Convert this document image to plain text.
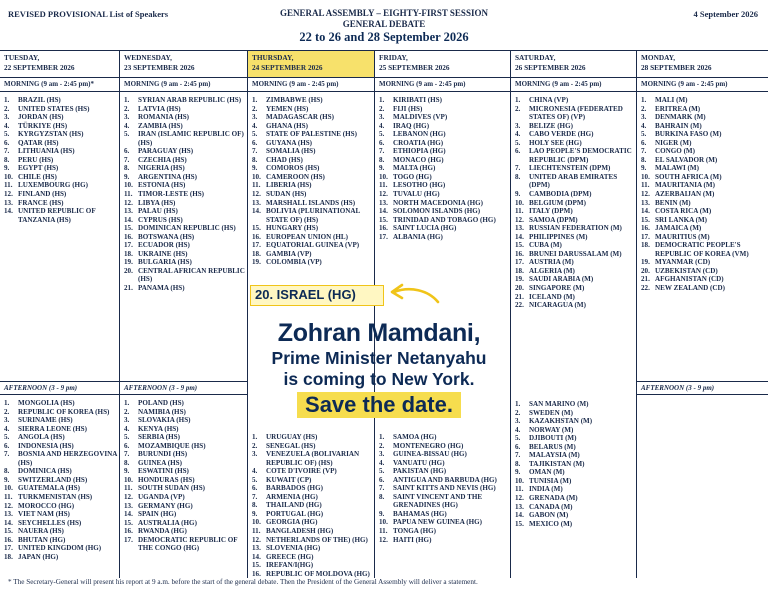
REVISED PROVISIONAL List of Speakers	GENERAL ASSEMBLY – EIGHTY-FIRST SESSION
GENERAL DEBATE
22 to 26 and 28 September 2026
4 September 2026
TUESDAY,
22 SEPTEMBER 2026
MORNING (9 am - 2:45 pm)*
1.	BRAZIL (HS)
2.	UNITED STATES (HS)
3.	JORDAN (HS)
4.	TÜRKIYE (HS)
5.	KYRGYZSTAN (HS)
6.	QATAR (HS)
7.	LITHUANIA (HS)
8.	PERU (HS)
9.	EGYPT (HS)
10. CHILE (HS)
11. LUXEMBOURG (HG)
12. FINLAND (HS)
13. FRANCE (HS)
14. UNITED REPUBLIC OF TANZANIA (HS)
AFTERNOON (3 - 9 pm)
1.	MONGOLIA (HS)
2.	REPUBLIC OF KOREA (HS)
3.	SURINAME (HS)
4.	SIERRA LEONE (HS)
5.	ANGOLA (HS)
6.	INDONESIA (HS)
7.	BOSNIA AND HERZEGOVINA (HS)
8.	DOMINICA (HS)
9.	SWITZERLAND (HS)
10. GUATEMALA (HS)
11. TURKMENISTAN (HS)
12. MOROCCO (HG)
13. VIET NAM (HS)
14. SEYCHELLES (HS)
15. NAUERA (HS)
16. BHUTAN (HG)
17. UNITED KINGDOM (HG)
18. JAPAN (HG)
WEDNESDAY,
23 SEPTEMBER 2026
MORNING (9 am - 2:45 pm)
1.	SYRIAN ARAB REPUBLIC (HS)
2.	LATVIA (HS)
3.	ROMANIA (HS)
4.	ZAMBIA (HS)
5.	IRAN (ISLAMIC REPUBLIC OF) (HS)
6.	PARAGUAY (HS)
7.	CZECHIA (HS)
8.	NIGERIA (HS)
9.	ARGENTINA (HS)
10. ESTONIA (HS)
11. TIMOR-LESTE (HS)
12. LIBYA (HS)
13. PALAU (HS)
14. CYPRUS (HS)
15. DOMINICAN REPUBLIC (HS)
16. BOTSWANA (HS)
17. ECUADOR (HS)
18. UKRAINE (HS)
19. BULGARIA (HS)
20. CENTRAL AFRICAN REPUBLIC (HS)
21. PANAMA (HS)
AFTERNOON (3 - 9 pm)
1.	POLAND (HS)
2.	NAMIBIA (HS)
3.	SLOVAKIA (HS)
4.	KENYA (HS)
5.	SERBIA (HS)
6.	MOZAMBIQUE (HS)
7.	BURUNDI (HS)
8.	GUINEA (HS)
9.	ESWATINI (HS)
10. HONDURAS (HS)
11. SOUTH SUDAN (HS)
12. UGANDA (VP)
13. GERMANY (HG)
14. SPAIN (HG)
15. AUSTRALIA (HG)
16. RWANDA (HG)
17. DEMOCRATIC REPUBLIC OF THE CONGO (HG)
THURSDAY,
24 SEPTEMBER 2026
MORNING (9 am - 2:45 pm)
1.	ZIMBABWE (HS)
2.	YEMEN (HS)
3.	MADAGASCAR (HS)
4.	GHANA (HS)
5.	STATE OF PALESTINE (HS)
6.	GUYANA (HS)
7.	SOMALIA (HS)
8.	CHAD (HS)
9.	COMOROS (HS)
10. CAMEROON (HS)
11. LIBERIA (HS)
12. SUDAN (HS)
13. MARSHALL ISLANDS (HS)
14. BOLIVIA (PLURINATIONAL STATE OF) (HS)
15. HUNGARY (HS)
16. EUROPEAN UNION (HL)
17. EQUATORIAL GUINEA (VP)
18. GAMBIA (VP)
19. COLOMBIA (VP)
1.	URUGUAY (HS)
2.	SENEGAL (HS)
3.	VENEZUELA (BOLIVARIAN REPUBLIC OF) (HS)
4.	COTE D'IVOIRE (VP)
5.	KUWAIT (CP)
6.	BARBADOS (HG)
7.	ARMENIA (HG)
8.	THAILAND (HG)
9.	PORTUGAL (HG)
10. GEORGIA (HG)
11. BANGLADESH (HG)
12. NETHERLANDS OF THE) (HG)
13. SLOVENIA (HG)
14. GREECE (HG)
15. IREFAN/I(HG)
16. REPUBLIC OF MOLDOVA (HG)
FRIDAY,
25 SEPTEMBER 2026
MORNING (9 am - 2:45 pm)
1.	KIRIBATI (HS)
2.	FIJI (HS)
3.	MALDIVES (VP)
4.	IRAQ (HG)
5.	LEBANON (HG)
6.	CROATIA (HG)
7.	ETHIOPIA (HG)
8.	MONACO (HG)
9.	MALTA (HG)
10. TOGO (HG)
11. LESOTHO (HG)
12. TUVALU (HG)
13. NORTH MACEDONIA (HG)
14. SOLOMON ISLANDS (HG)
15. TRINIDAD AND TOBAGO (HG)
16. SAINT LUCIA (HG)
17. ALBANIA (HG)
1.	SAMOA (HG)
2.	MONTENEGRO (HG)
3.	GUINEA-BISSAU (HG)
4.	VANUATU (HG)
5.	PAKISTAN (HG)
6.	ANTIGUA AND BARBUDA (HG)
7.	SAINT KITTS AND NEVIS (HG)
8.	SAINT VINCENT AND THE GRENADINES (HG)
9.	BAHAMAS (HG)
10. PAPUA NEW GUINEA (HG)
11. TONGA (HG)
12. HAITI (HG)
SATURDAY,
26 SEPTEMBER 2026
MORNING (9 am - 2:45 pm)
1.	CHINA (VP)
2.	MICRONESIA (FEDERATED STATES OF) (VP)
3.	BELIZE (HG)
4.	CABO VERDE (HG)
5.	HOLY SEE (HG)
6.	LAO PEOPLE'S DEMOCRATIC REPUBLIC (DPM)
7.	LIECHTENSTEIN (DPM)
8.	UNITED ARAB EMIRATES (DPM)
9.	CAMBODIA (DPM)
10. BELGIUM (DPM)
11. ITALY (DPM)
12. SAMOA (DPM)
13. RUSSIAN FEDERATION (M)
14. PHILIPPINES (M)
15. CUBA (M)
16. BRUNEI DARUSSALAM (M)
17. AUSTRIA (M)
18. ALGERIA (M)
19. SAUDI ARABIA (M)
20. SINGAPORE (M)
21. ICELAND (M)
22. NICARAGUA (M)
1.	SAN MARINO (M)
2.	SWEDEN (M)
3.	KAZAKHSTAN (M)
4.	NORWAY (M)
5.	DJIBOUTI (M)
6.	BELARUS (M)
7.	MALAYSIA (M)
8.	TAJIKISTAN (M)
9.	OMAN (M)
10. TUNISIA (M)
11. INDIA (M)
12. GRENADA (M)
13. CANADA (M)
14. GABON (M)
15. MEXICO (M)
MONDAY,
28 SEPTEMBER 2026
MORNING (9 am - 2:45 pm)
1.	MALI (M)
2.	ERITREA (M)
3.	DENMARK (M)
4.	BAHRAIN (M)
5.	BURKINA FASO (M)
6.	NIGER (M)
7.	CONGO (M)
8.	EL SALVADOR (M)
9.	MALAWI (M)
10. SOUTH AFRICA (M)
11. MAURITANIA (M)
12. AZERBAIJAN (M)
13. BENIN (M)
14. COSTA RICA (M)
15. SRI LANKA (M)
16. JAMAICA (M)
17. MAURITIUS (M)
18. DEMOCRATIC PEOPLE'S REPUBLIC OF KOREA (VM)
19. MYANMAR (CD)
20. UZBEKISTAN (CD)
21. AFGHANISTAN (CD)
22. NEW ZEALAND (CD)
AFTERNOON (3 - 9 pm)
20. ISRAEL (HG)
Zohran Mamdani,
Prime Minister Netanyahu
is coming to New York.
Save the date.
* The Secretary-General will present his report at 9 a.m. before the start of the general debate. Then the President of the General Assembly will deliver a statement.
